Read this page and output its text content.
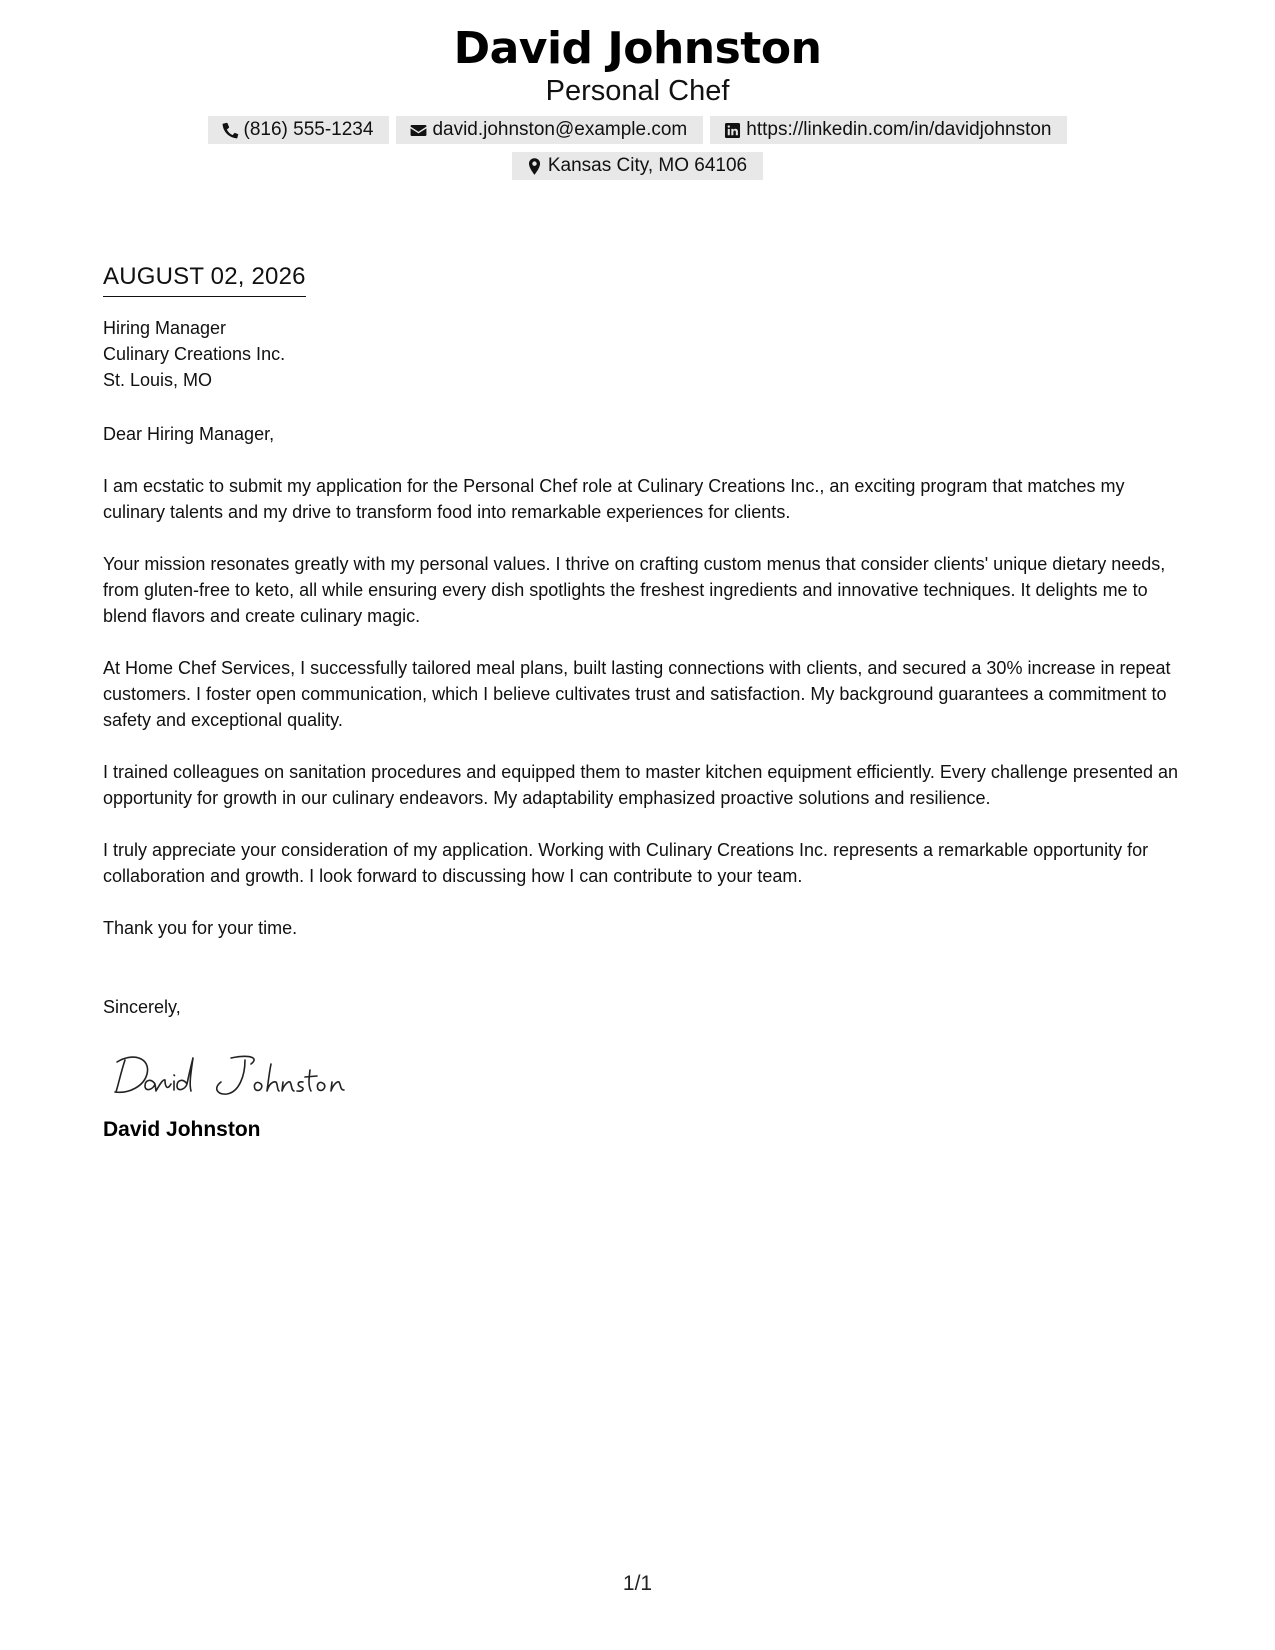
David Johnston
Personal Chef
(816) 555-1234	david.johnston@example.com	https://linkedin.com/in/davidjohnston
Kansas City, MO 64106
AUGUST 02, 2026
Hiring Manager
Culinary Creations Inc.
St. Louis, MO
Dear Hiring Manager,
I am ecstatic to submit my application for the Personal Chef role at Culinary Creations Inc., an exciting program that matches my culinary talents and my drive to transform food into remarkable experiences for clients.
Your mission resonates greatly with my personal values. I thrive on crafting custom menus that consider clients' unique dietary needs, from gluten-free to keto, all while ensuring every dish spotlights the freshest ingredients and innovative techniques. It delights me to blend flavors and create culinary magic.
At Home Chef Services, I successfully tailored meal plans, built lasting connections with clients, and secured a 30% increase in repeat customers. I foster open communication, which I believe cultivates trust and satisfaction. My background guarantees a commitment to safety and exceptional quality.
I trained colleagues on sanitation procedures and equipped them to master kitchen equipment efficiently. Every challenge presented an opportunity for growth in our culinary endeavors. My adaptability emphasized proactive solutions and resilience.
I truly appreciate your consideration of my application. Working with Culinary Creations Inc. represents a remarkable opportunity for collaboration and growth. I look forward to discussing how I can contribute to your team.
Thank you for your time.
Sincerely,
David Johnston
1/1
